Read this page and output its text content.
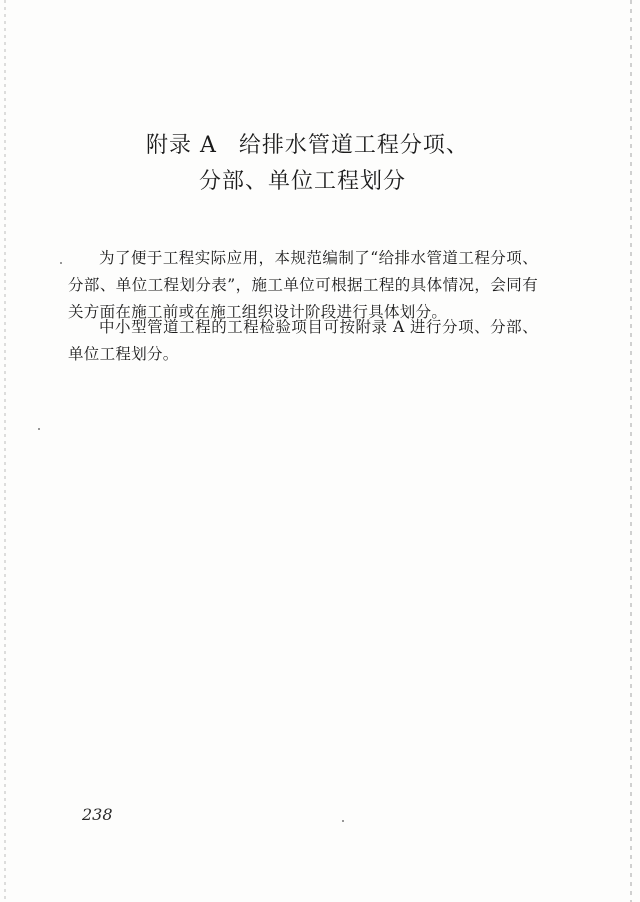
附录 A 给排水管道工程分项、
分部、单位工程划分

为了便于工程实际应用，本规范编制了“给排水管道工程分项、分部、单位工程划分表”，施工单位可根据工程的具体情况，会同有关方面在施工前或在施工组织设计阶段进行具体划分。

中小型管道工程的工程检验项目可按附录 A 进行分项、分部、单位工程划分。

238
